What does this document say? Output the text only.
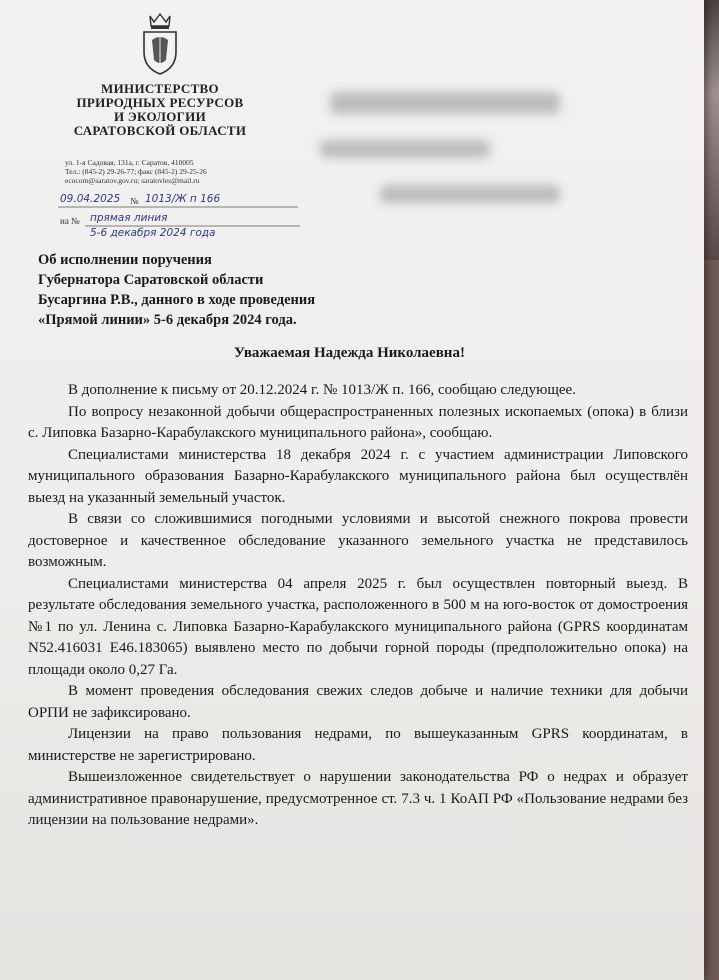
МИНИСТЕРСТВО
ПРИРОДНЫХ РЕСУРСОВ
И ЭКОЛОГИИ
САРАТОВСКОЙ ОБЛАСТИ
ул. 1-я Садовая, 131а, г. Саратов, 410005
Тел.: (845-2) 29-26-77; факс (845-2) 29-25-26
ecocom@saratov.gov.ru; saratovles@mail.ru
09.04.2025 № 1013/Ж п 166
на № прямая линия
5-6 декабря 2024 года
Об исполнении поручения
Губернатора Саратовской области
Бусаргина Р.В., данного в ходе проведения
«Прямой линии» 5-6 декабря 2024 года.
Уважаемая Надежда Николаевна!

В дополнение к письму от 20.12.2024 г. № 1013/Ж п. 166, сообщаю следующее.

По вопросу незаконной добычи общераспространенных полезных ископаемых (опока) в близи с. Липовка Базарно-Карабулакского муниципального района», сообщаю.

Специалистами министерства 18 декабря 2024 г. с участием администрации Липовского муниципального образования Базарно-Карабулакского муниципального района был осуществлён выезд на указанный земельный участок.

В связи со сложившимися погодными условиями и высотой снежного покрова провести достоверное и качественное обследование указанного земельного участка не представилось возможным.

Специалистами министерства 04 апреля 2025 г. был осуществлен повторный выезд. В результате обследования земельного участка, расположенного в 500 м на юго-восток от домостроения №1 по ул. Ленина с. Липовка Базарно-Карабулакского муниципального района (GPRS координатам N52.416031 E46.183065) выявлено место по добычи горной породы (предположительно опока) на площади около 0,27 Га.

В момент проведения обследования свежих следов добыче и наличие техники для добычи ОРПИ не зафиксировано.

Лицензии на право пользования недрами, по вышеуказанным GPRS координатам, в министерстве не зарегистрировано.

Вышеизложенное свидетельствует о нарушении законодательства РФ о недрах и образует административное правонарушение, предусмотренное ст. 7.3 ч. 1 КоАП РФ «Пользование недрами без лицензии на пользование недрами».
